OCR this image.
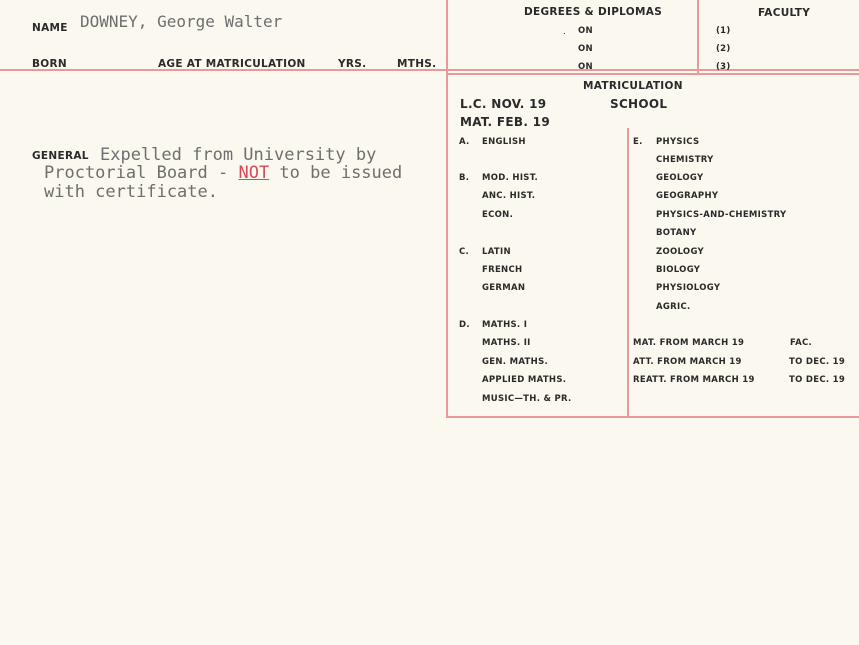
NAME DOWNEY, George Walter
BORN	AGE AT MATRICULATION	YRS.	MTHS.
DEGREES & DIPLOMAS
. ON
ON
ON
FACULTY
(1)
(2)
(3)
MATRICULATION
L.C. NOV. 19	SCHOOL
MAT. FEB. 19
GENERAL Expelled from University by
Proctorial Board - NOT to be issued
with certificate.
A. ENGLISH
B. MOD. HIST.
ANC. HIST.
ECON.
C. LATIN
FRENCH
GERMAN
D. MATHS. I
MATHS. II
GEN. MATHS.
APPLIED MATHS.
MUSIC—TH. & PR.
E. PHYSICS
CHEMISTRY
GEOLOGY
GEOGRAPHY
PHYSICS-AND-CHEMISTRY
BOTANY
ZOOLOGY
BIOLOGY
PHYSIOLOGY
AGRIC.
MAT. FROM MARCH 19	FAC.
ATT. FROM MARCH 19	TO DEC. 19
REATT. FROM MARCH 19	TO DEC. 19
